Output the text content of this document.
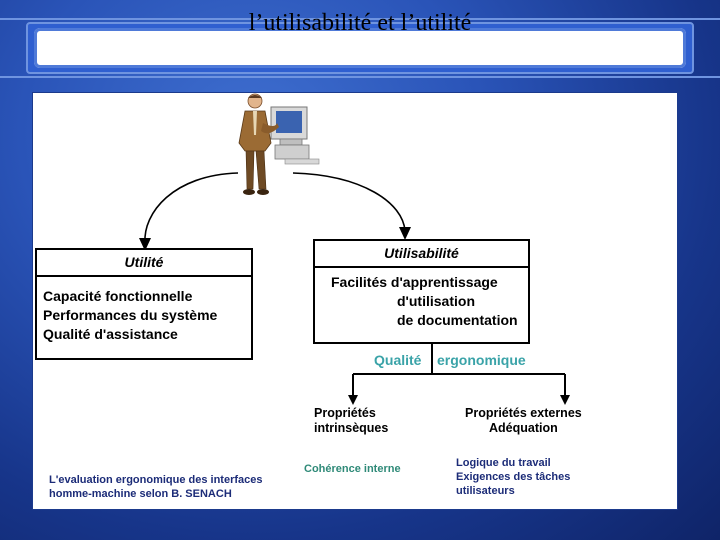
l’utilisabilité et l’utilité
Utilité
Capacité fonctionnelle
Performances du système
Qualité d'assistance
Utilisabilité
Facilités d'apprentissage
d'utilisation
de documentation
Qualité ergonomique
Propriétés
intrinsèques
Cohérence interne
Propriétés externes
Adéquation
Logique du travail
Exigences des tâches
utilisateurs
L'evaluation ergonomique des interfaces
homme-machine selon B. SENACH
